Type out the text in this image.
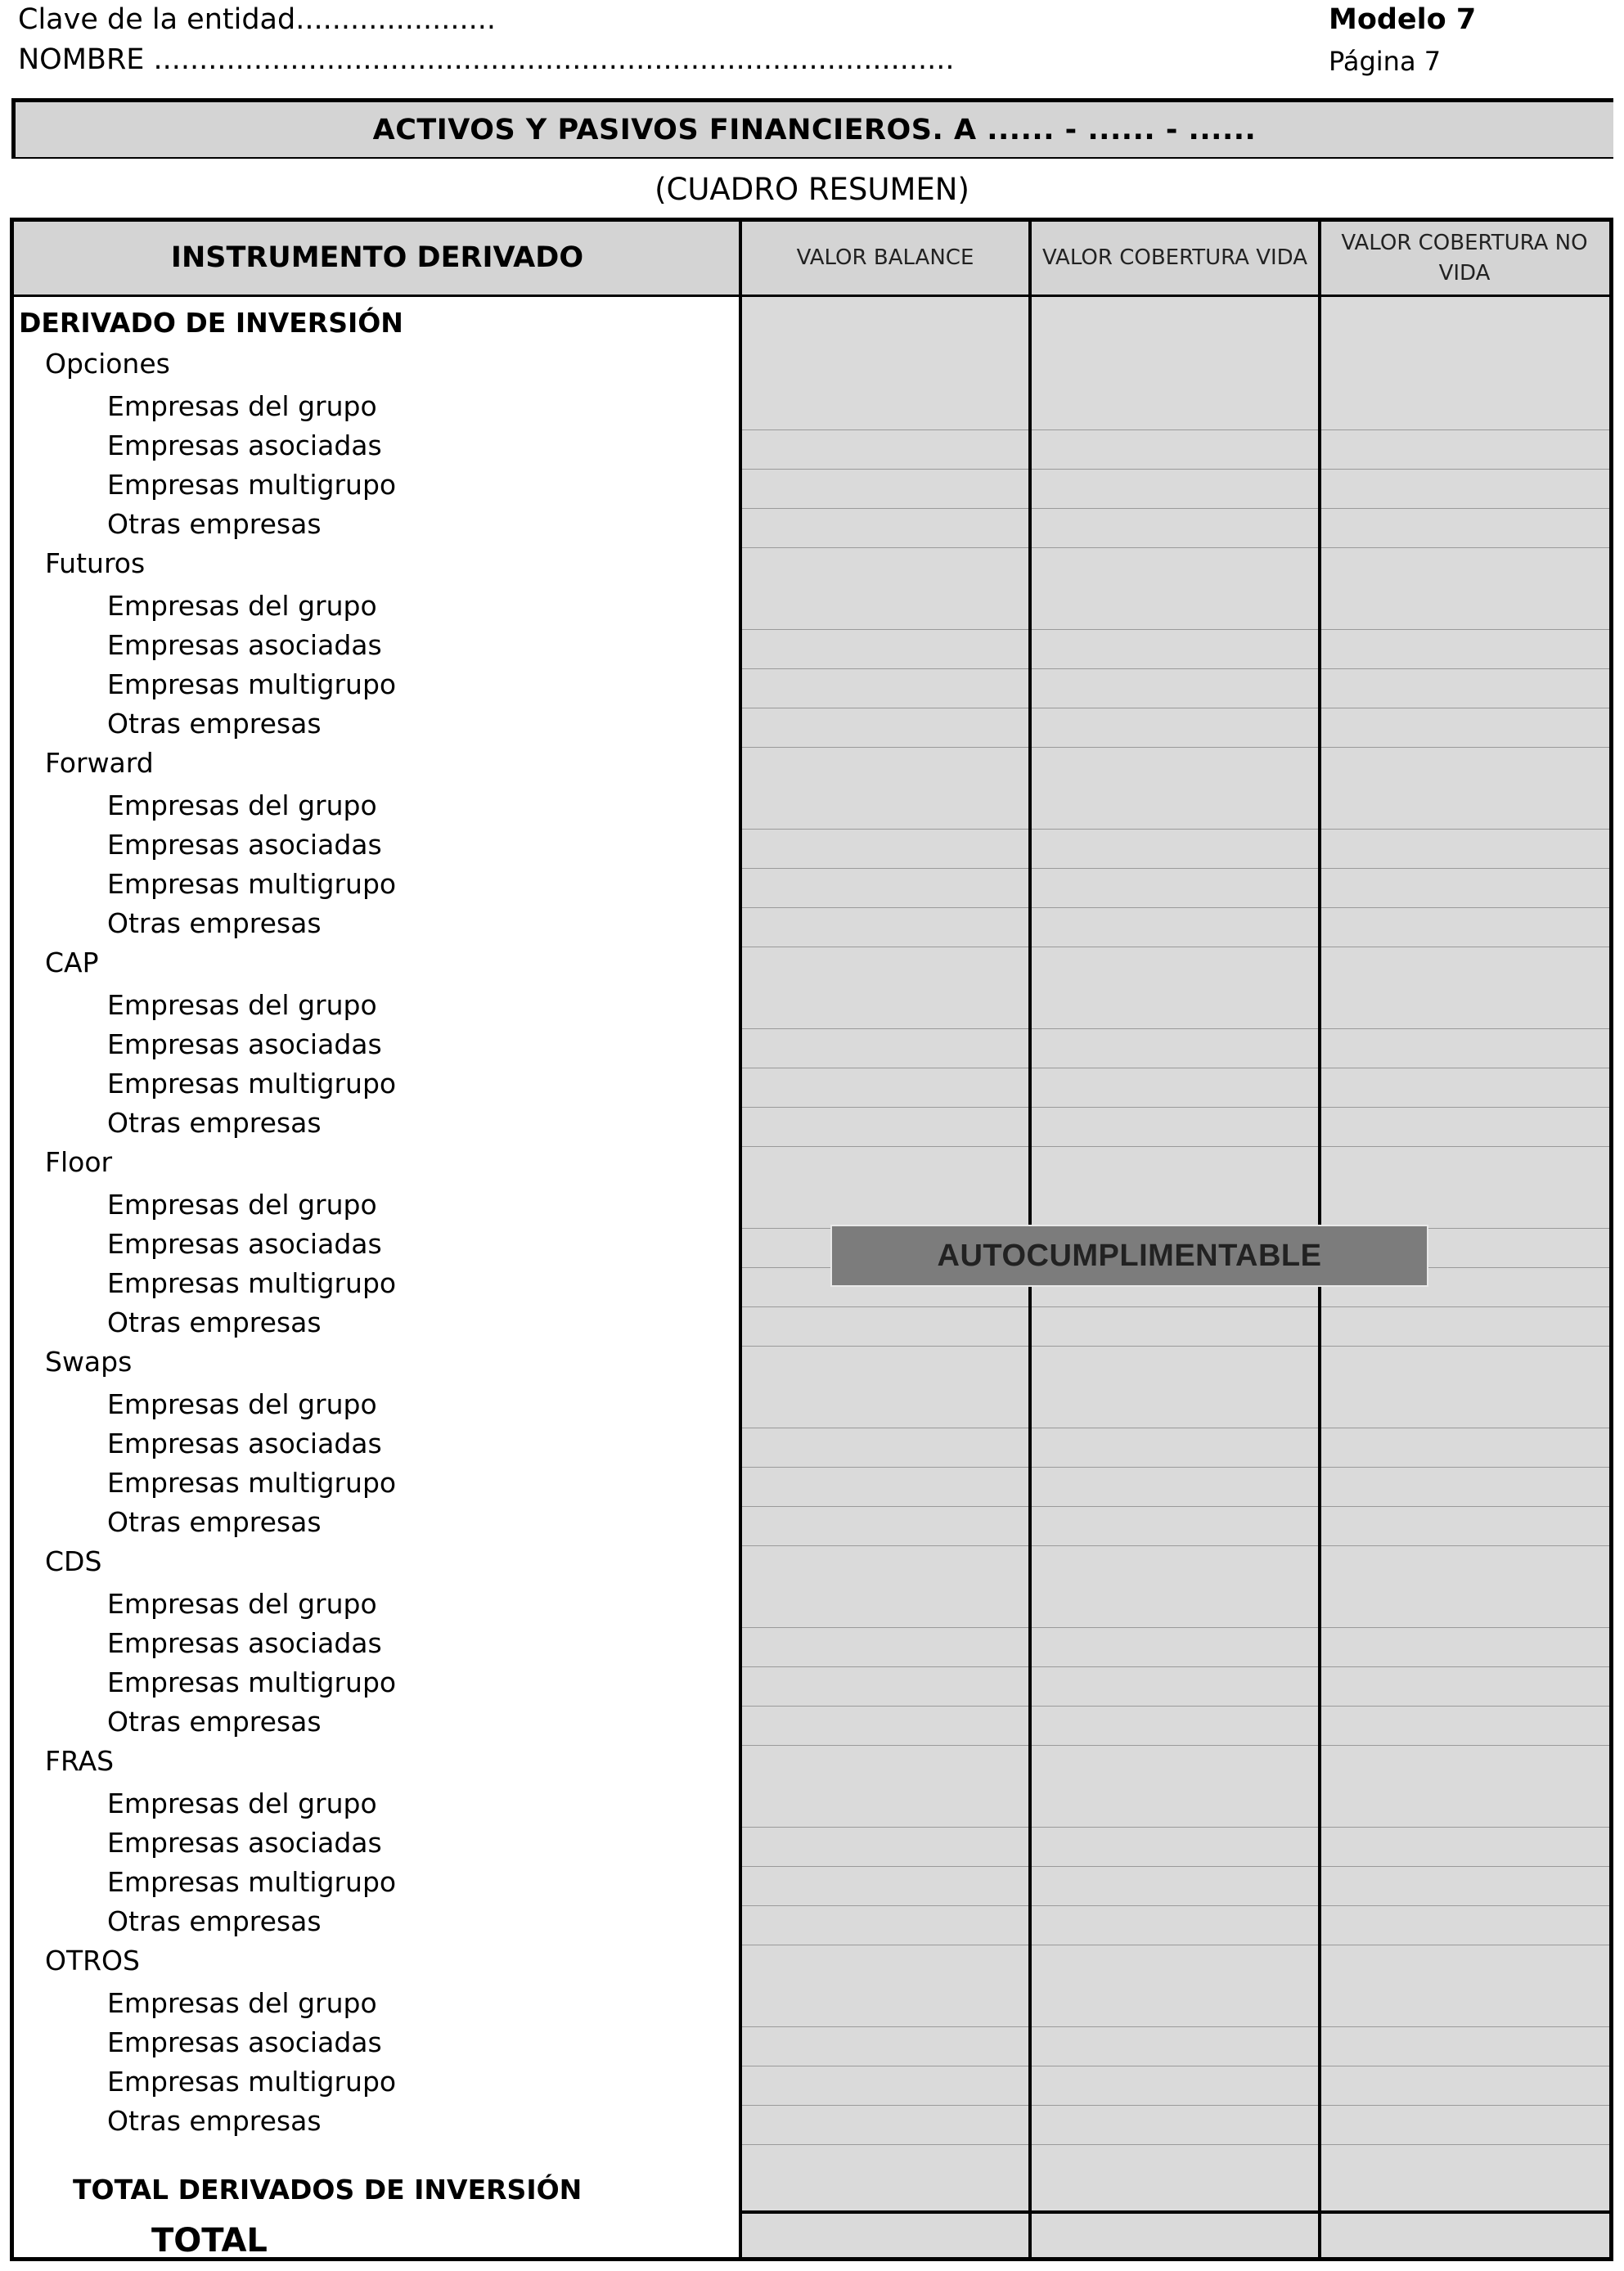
Clave de la entidad......................
NOMBRE ........................................................................................
Modelo 7
Página 7
ACTIVOS Y PASIVOS FINANCIEROS. A ...... - ...... - ......
(CUADRO RESUMEN)
INSTRUMENTO DERIVADO	VALOR BALANCE	VALOR COBERTURA VIDA
VALOR COBERTURA NO VIDA
DERIVADO DE INVERSIÓN
Opciones
Empresas del grupo
Empresas asociadas
Empresas multigrupo
Otras empresas
Futuros
Empresas del grupo
Empresas asociadas
Empresas multigrupo
Otras empresas
Forward
Empresas del grupo
Empresas asociadas
Empresas multigrupo
Otras empresas
CAP
Empresas del grupo
Empresas asociadas
Empresas multigrupo
Otras empresas
Floor
Empresas del grupo
Empresas asociadas
Empresas multigrupo
Otras empresas
Swaps
Empresas del grupo
Empresas asociadas
Empresas multigrupo
Otras empresas
CDS
Empresas del grupo
Empresas asociadas
Empresas multigrupo
Otras empresas
FRAS
Empresas del grupo
Empresas asociadas
Empresas multigrupo
Otras empresas
OTROS
Empresas del grupo
Empresas asociadas
Empresas multigrupo
Otras empresas
TOTAL DERIVADOS DE INVERSIÓN
TOTAL
AUTOCUMPLIMENTABLE
